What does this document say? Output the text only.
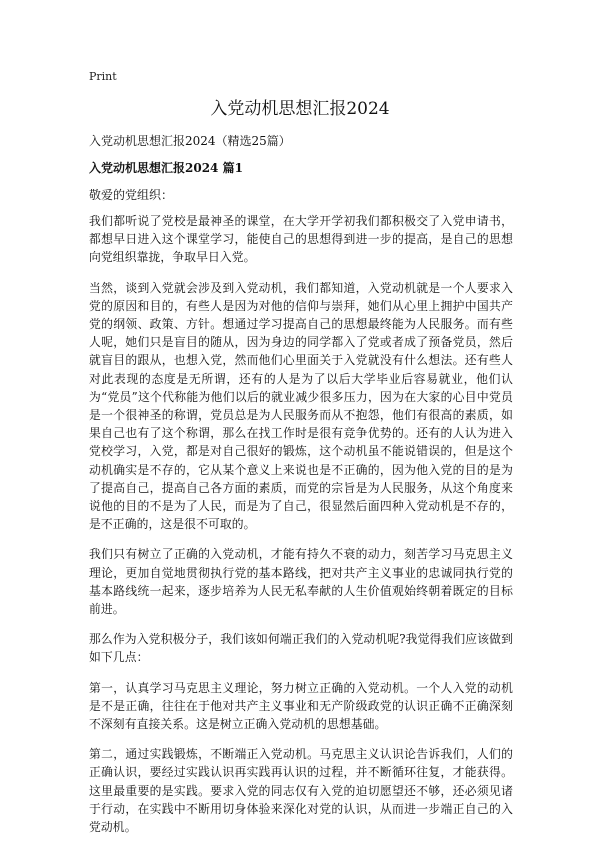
Print
入党动机思想汇报2024
入党动机思想汇报2024（精选25篇）
入党动机思想汇报2024 篇1
敬爱的党组织：

我们都听说了党校是最神圣的课堂，在大学开学初我们都积极交了入党申请书，都想早日进入这个课堂学习，能使自己的思想得到进一步的提高，是自己的思想向党组织靠拢，争取早日入党。

当然，谈到入党就会涉及到入党动机，我们都知道，入党动机就是一个人要求入党的原因和目的，有些人是因为对他的信仰与崇拜，她们从心里上拥护中国共产党的纲领、政策、方针。想通过学习提高自己的思想最终能为人民服务。而有些人呢，她们只是盲目的随从，因为身边的同学都入了党或者成了预备党员，然后就盲目的跟从，也想入党，然而他们心里面关于入党就没有什么想法。还有些人对此表现的态度是无所谓，还有的人是为了以后大学毕业后容易就业，他们认为“党员”这个代称能为他们以后的就业减少很多压力，因为在大家的心目中党员是一个很神圣的称谓，党员总是为人民服务而从不抱怨，他们有很高的素质，如果自己也有了这个称谓，那么在找工作时是很有竞争优势的。还有的人认为进入党校学习，入党，都是对自己很好的锻炼，这个动机虽不能说错误的，但是这个动机确实是不存的，它从某个意义上来说也是不正确的，因为他入党的目的是为了提高自己，提高自己各方面的素质，而党的宗旨是为人民服务，从这个角度来说他的目的不是为了人民，而是为了自己，很显然后面四种入党动机是不存的，是不正确的，这是很不可取的。

我们只有树立了正确的入党动机，才能有持久不衰的动力，刻苦学习马克思主义理论，更加自觉地贯彻执行党的基本路线，把对共产主义事业的忠诚同执行党的基本路线统一起来，逐步培养为人民无私奉献的人生价值观始终朝着既定的目标前进。

那么作为入党积极分子，我们该如何端正我们的入党动机呢?我觉得我们应该做到如下几点：

第一，认真学习马克思主义理论，努力树立正确的入党动机。一个人入党的动机是不是正确，往往在于他对共产主义事业和无产阶级政党的认识正确不正确深刻不深刻有直接关系。这是树立正确入党动机的思想基础。

第二，通过实践锻炼，不断端正入党动机。马克思主义认识论告诉我们，人们的正确认识，要经过实践认识再实践再认识的过程，并不断循环往复，才能获得。这里最重要的是实践。要求入党的同志仅有入党的迫切愿望还不够，还必须见诸于行动，在实践中不断用切身体验来深化对党的认识，从而进一步端正自己的入党动机。
